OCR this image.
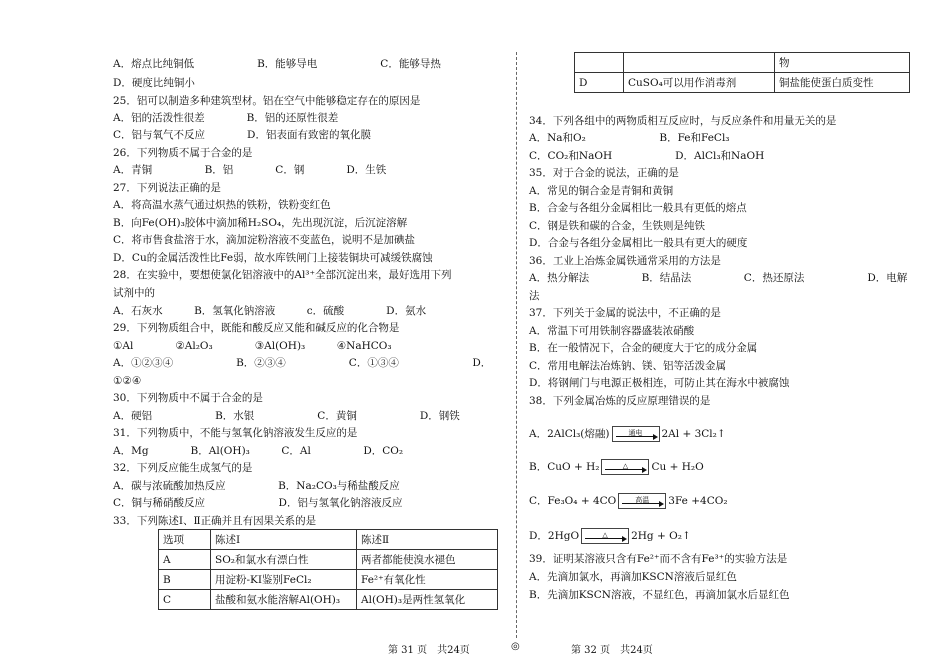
A．熔点比纯铜低　　　　　　B．能够导电　　　　　　C．能够导热
D．硬度比纯铜小
25．铝可以制造多种建筑型材。铝在空气中能够稳定存在的原因是
A．铝的活泼性很差　　　　B．铝的还原性很差
C．铝与氧气不反应　　　　D．铝表面有致密的氧化膜
26．下列物质不属于合金的是
A．青铜　　　　　B．铝　　　　C．钢　　　　D．生铁
27．下列说法正确的是
A．将高温水蒸气通过炽热的铁粉，铁粉变红色
B．向Fe(OH)₃胶体中滴加稀H₂SO₄，先出现沉淀，后沉淀溶解
C．将市售食盐溶于水，滴加淀粉溶液不变蓝色，说明不是加碘盐
D．Cu的金属活泼性比Fe弱，故水库铁闸门上接装铜块可减缓铁腐蚀
28．在实验中，要想使氯化铝溶液中的Al³⁺全部沉淀出来，最好选用下列
试剂中的
A．石灰水　　　B．氢氧化钠溶液　　　c．硫酸　　　　D．氨水
29．下列物质组合中，既能和酸反应又能和碱反应的化合物是
①Al　　　　②Al₂O₃　　　　③Al(OH)₃　　　④NaHCO₃
A．①②③④　　　　　　B．②③④　　　　　　C．①③④　　　　　　　D．
①②④
30．下列物质中不属于合金的是
A．硬铝　　　　　　B．水银　　　　　　C．黄铜　　　　　　D．钢铁
31．下列物质中，不能与氢氧化钠溶液发生反应的是
A．Mg　　　　B．Al(OH)₃　　　C．Al　　　　　D．CO₂
32．下列反应能生成氢气的是
A．碳与浓硫酸加热反应　　　　　B．Na₂CO₃与稀盐酸反应
C．铜与稀硝酸反应　　　　　　　D．铝与氢氧化钠溶液反应
33．下列陈述Ⅰ、Ⅱ正确并且有因果关系的是
34．下列各组中的两物质相互反应时，与反应条件和用量无关的是
A．Na和O₂　　　　　　　B．Fe和FeCl₃
C．CO₂和NaOH　　　　　　D．AlCl₃和NaOH
35．对于合金的说法，正确的是
A．常见的铜合金是青铜和黄铜
B．合金与各组分金属相比一般具有更低的熔点
C．钢是铁和碳的合金，生铁则是纯铁
D．合金与各组分金属相比一般具有更大的硬度
36．工业上冶炼金属铁通常采用的方法是
A．热分解法　　　　　B．结晶法　　　　　C．热还原法　　　　　　D．电解
法
37．下列关于金属的说法中，不正确的是
A．常温下可用铁制容器盛装浓硝酸
B．在一般情况下，合金的硬度大于它的成分金属
C．常用电解法冶炼钠、镁、铝等活泼金属
D．将钢闸门与电源正极相连，可防止其在海水中被腐蚀
38．下列金属冶炼的反应原理错误的是
39．证明某溶液只含有Fe²⁺而不含有Fe³⁺的实验方法是
A．先滴加氯水，再滴加KSCN溶液后显红色
B．先滴加KSCN溶液，不显红色，再滴加氯水后显红色
A．2AlCl₃(熔融)	通电	2Al + 3Cl₂↑
B．CuO + H₂	△	Cu + H₂O
C．Fe₃O₄ + 4CO	高温	3Fe +4CO₂
D．2HgO	△	2Hg + O₂↑
选项	陈述Ⅰ	陈述Ⅱ
A	SO₂和氯水有漂白性	两者都能使溴水褪色
B	用淀粉-KI鉴别FeCl₂	Fe²⁺有氧化性
C	盐酸和氨水能溶解Al(OH)₃	Al(OH)₃是两性氢氧化
		物
D	CuSO₄可以用作消毒剂	铜盐能使蛋白质变性
第 31 页　共24页	◎	第 32 页　共24页
